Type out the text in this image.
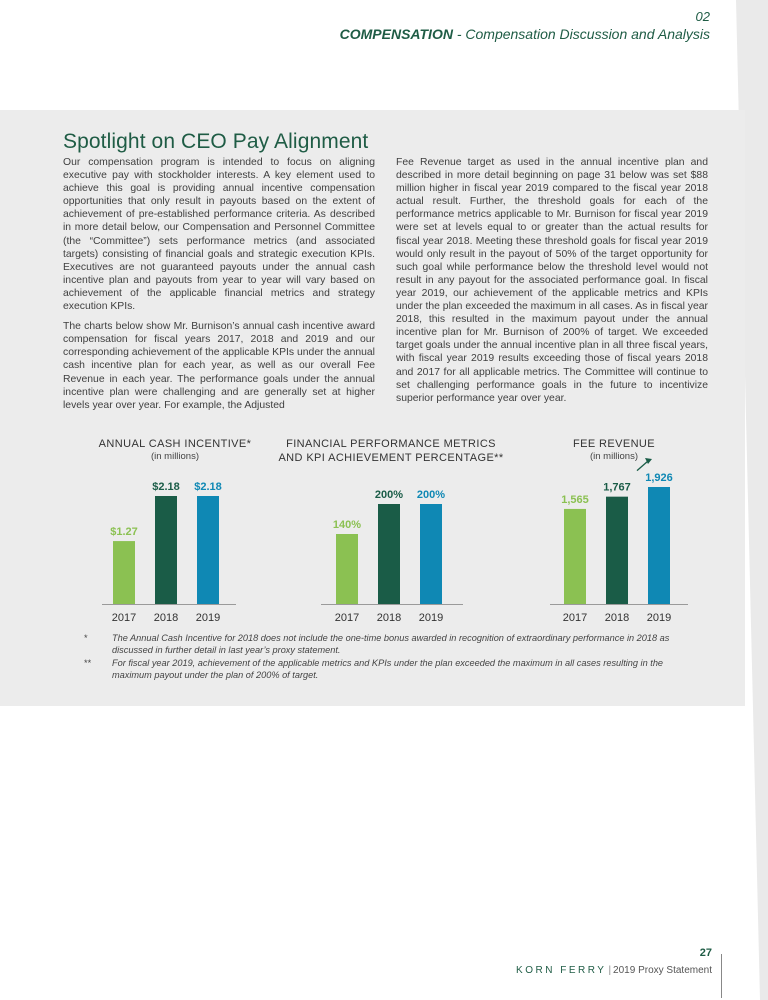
02
COMPENSATION - Compensation Discussion and Analysis
Spotlight on CEO Pay Alignment

Our compensation program is intended to focus on aligning executive pay with stockholder interests. A key element used to achieve this goal is providing annual incentive compensation opportunities that only result in payouts based on the extent of achievement of pre-established performance criteria. As described in more detail below, our Compensation and Personnel Committee (the “Committee”) sets performance metrics (and associated targets) consisting of financial goals and strategic execution KPIs. Executives are not guaranteed payouts under the annual cash incentive plan and payouts from year to year will vary based on achievement of the applicable financial metrics and strategy execution KPIs.

The charts below show Mr. Burnison’s annual cash incentive award compensation for fiscal years 2017, 2018 and 2019 and our corresponding achievement of the applicable KPIs under the annual cash incentive plan for each year, as well as our overall Fee Revenue in each year. The performance goals under the annual incentive plan were challenging and are generally set at higher levels year over year. For example, the Adjusted

Fee Revenue target as used in the annual incentive plan and described in more detail beginning on page 31 below was set $88 million higher in fiscal year 2019 compared to the fiscal year 2018 actual result. Further, the threshold goals for each of the performance metrics applicable to Mr. Burnison for fiscal year 2019 were set at levels equal to or greater than the actual results for fiscal year 2018. Meeting these threshold goals for fiscal year 2019 would only result in the payout of 50% of the target opportunity for such goal while performance below the threshold level would not result in any payout for the associated performance goal. In fiscal year 2019, our achievement of the applicable metrics and KPIs under the plan exceeded the maximum in all cases. As in fiscal year 2018, this resulted in the maximum payout under the annual incentive plan for Mr. Burnison of 200% of target. We exceeded target goals under the annual incentive plan in all three fiscal years, with fiscal year 2019 results exceeding those of fiscal years 2018 and 2017 for all applicable metrics. The Committee will continue to set challenging performance goals in the future to incentivize superior performance year over year.

ANNUAL CASH INCENTIVE*
(in millions)
$1.27
2017
$2.18
2018
$2.18
2019
FINANCIAL PERFORMANCE METRICS
AND KPI ACHIEVEMENT PERCENTAGE**
140%
2017
200%
2018
200%
2019
FEE REVENUE
(in millions)
1,565
2017
1,767
2018
1,926
2019
*	The Annual Cash Incentive for 2018 does not include the one-time bonus awarded in recognition of extraordinary performance in 2018 as discussed in further detail in last year’s proxy statement.
** For fiscal year 2019, achievement of the applicable metrics and KPIs under the plan exceeded the maximum in all cases resulting in the maximum payout under the plan of 200% of target.
27
KORN FERRY | 2019 Proxy Statement
